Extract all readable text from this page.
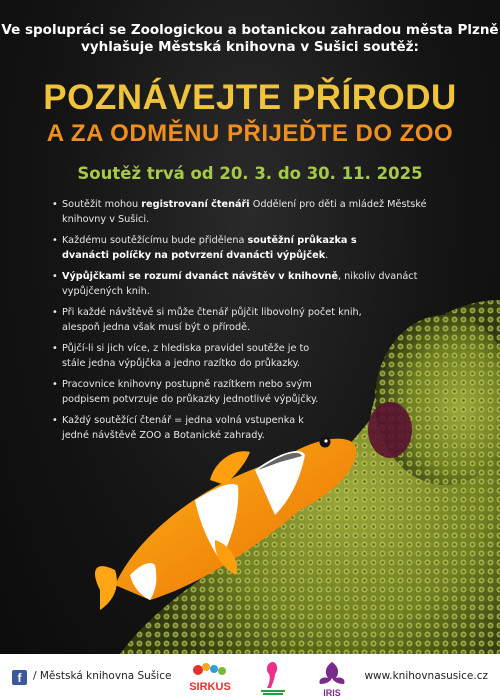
Ve spolupráci se Zoologickou a botanickou zahradou města Plzně
vyhlašuje Městská knihovna v Sušici soutěž:
POZNÁVEJTE PŘÍRODU
A ZA ODMĚNU PŘIJEĎTE DO ZOO
Soutěž trvá od 20. 3. do 30. 11. 2025
• Soutěžit mohou registrovaní čtenáři Oddělení pro děti a mládež Městské knihovny v Sušici.
• Každému soutěžícímu bude přidělena soutěžní průkazka s dvanácti políčky na potvrzení dvanácti výpůjček.
• Výpůjčkami se rozumí dvanáct návštěv v knihovně, nikoliv dvanáct vypůjčených knih.
• Při každé návštěvě si může čtenář půjčit libovolný počet knih, alespoň jedna však musí být o přírodě.
• Půjčí-li si jich více, z hlediska pravidel soutěže je to stále jedna výpůjčka a jedno razítko do průkazky.
• Pracovnice knihovny postupně razítkem nebo svým podpisem potvrzuje do průkazky jednotlivé výpůjčky.
• Každý soutěžící čtenář = jedna volná vstupenka k jedné návštěvě ZOO a Botanické zahrady.
f	/ Městská knihovna Sušice
SIRKUS	IRIS
www.knihovnasusice.cz
